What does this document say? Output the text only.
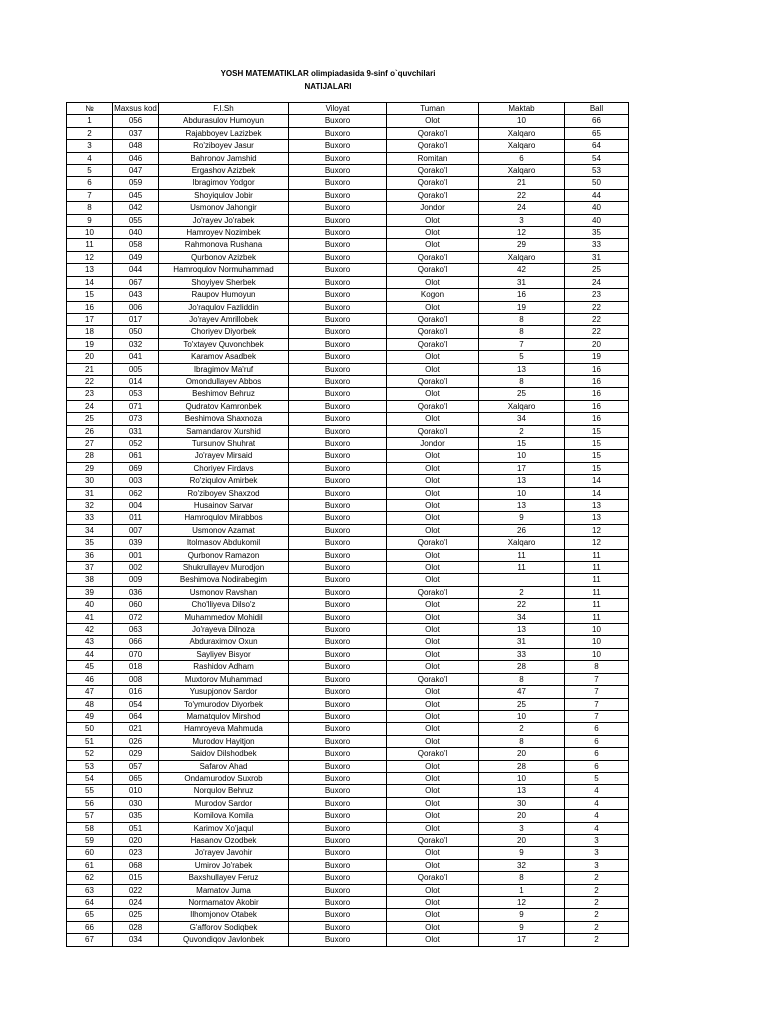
YOSH MATEMATIKLAR olimpiadasida 9-sinf o`quvchilari
NATIJALARI
№	Maxsus kod	F.I.Sh	Viloyat	Tuman	Maktab	Ball
1	056	Abdurasulov Humoyun	Buxoro	Olot	10	66
2	037	Rajabboyev Lazizbek	Buxoro	Qorako'l	Xalqaro	65
3	048	Ro'ziboyev Jasur	Buxoro	Qorako'l	Xalqaro	64
4	046	Bahronov Jamshid	Buxoro	Romitan	6	54
5	047	Ergashov Azizbek	Buxoro	Qorako'l	Xalqaro	53
6	059	Ibragimov Yodgor	Buxoro	Qorako'l	21	50
7	045	Shoyiqulov Jobir	Buxoro	Qorako'l	22	44
8	042	Usmonov Jahongir	Buxoro	Jondor	24	40
9	055	Jo'rayev Jo'rabek	Buxoro	Olot	3	40
10	040	Hamroyev Nozimbek	Buxoro	Olot	12	35
11	058	Rahmonova Rushana	Buxoro	Olot	29	33
12	049	Qurbonov Azizbek	Buxoro	Qorako'l	Xalqaro	31
13	044	Hamroqulov Normuhammad	Buxoro	Qorako'l	42	25
14	067	Shoyiyev Sherbek	Buxoro	Olot	31	24
15	043	Raupov Humoyun	Buxoro	Kogon	16	23
16	006	Jo'raqulov Fazliddin	Buxoro	Olot	19	22
17	017	Jo'rayev Amrillobek	Buxoro	Qorako'l	8	22
18	050	Choriyev Diyorbek	Buxoro	Qorako'l	8	22
19	032	To'xtayev Quvonchbek	Buxoro	Qorako'l	7	20
20	041	Karamov Asadbek	Buxoro	Olot	5	19
21	005	Ibragimov Ma'ruf	Buxoro	Olot	13	16
22	014	Omondullayev Abbos	Buxoro	Qorako'l	8	16
23	053	Beshimov Behruz	Buxoro	Olot	25	16
24	071	Qudratov Kamronbek	Buxoro	Qorako'l	Xalqaro	16
25	073	Beshimova Shaxnoza	Buxoro	Olot	34	16
26	031	Samandarov Xurshid	Buxoro	Qorako'l	2	15
27	052	Tursunov Shuhrat	Buxoro	Jondor	15	15
28	061	Jo'rayev Mirsaid	Buxoro	Olot	10	15
29	069	Choriyev Firdavs	Buxoro	Olot	17	15
30	003	Ro'ziqulov Amirbek	Buxoro	Olot	13	14
31	062	Ro'ziboyev Shaxzod	Buxoro	Olot	10	14
32	004	Husainov Sarvar	Buxoro	Olot	13	13
33	011	Hamroqulov Mirabbos	Buxoro	Olot	9	13
34	007	Usmonov Azamat	Buxoro	Olot	26	12
35	039	Itolmasov Abdukomil	Buxoro	Qorako'l	Xalqaro	12
36	001	Qurbonov Ramazon	Buxoro	Olot	11	11
37	002	Shukrullayev Murodjon	Buxoro	Olot	11	11
38	009	Beshimova Nodirabegim	Buxoro	Olot		11
39	036	Usmonov Ravshan	Buxoro	Qorako'l	2	11
40	060	Cho'lliyeva Dilso'z	Buxoro	Olot	22	11
41	072	Muhammedov Mohidil	Buxoro	Olot	34	11
42	063	Jo'rayeva Dilnoza	Buxoro	Olot	13	10
43	066	Abduraximov Oxun	Buxoro	Olot	31	10
44	070	Sayliyev Bisyor	Buxoro	Olot	33	10
45	018	Rashidov Adham	Buxoro	Olot	28	8
46	008	Muxtorov Muhammad	Buxoro	Qorako'l	8	7
47	016	Yusupjonov Sardor	Buxoro	Olot	47	7
48	054	To'ymurodov Diyorbek	Buxoro	Olot	25	7
49	064	Mamatqulov Mirshod	Buxoro	Olot	10	7
50	021	Hamroyeva Mahmuda	Buxoro	Olot	2	6
51	026	Murodov Hayitjon	Buxoro	Olot	8	6
52	029	Saidov Dilshodbek	Buxoro	Qorako'l	20	6
53	057	Safarov Ahad	Buxoro	Olot	28	6
54	065	Ondamurodov Suxrob	Buxoro	Olot	10	5
55	010	Norqulov Behruz	Buxoro	Olot	13	4
56	030	Murodov Sardor	Buxoro	Olot	30	4
57	035	Komilova Komila	Buxoro	Olot	20	4
58	051	Karimov Xo'jaqul	Buxoro	Olot	3	4
59	020	Hasanov Ozodbek	Buxoro	Qorako'l	20	3
60	023	Jo'rayev Javohir	Buxoro	Olot	9	3
61	068	Umirov Jo'rabek	Buxoro	Olot	32	3
62	015	Baxshullayev Feruz	Buxoro	Qorako'l	8	2
63	022	Mamatov Juma	Buxoro	Olot	1	2
64	024	Normamatov Akobir	Buxoro	Olot	12	2
65	025	Ilhomjonov Otabek	Buxoro	Olot	9	2
66	028	G'afforov Sodiqbek	Buxoro	Olot	9	2
67	034	Quvondiqov Javlonbek	Buxoro	Olot	17	2
